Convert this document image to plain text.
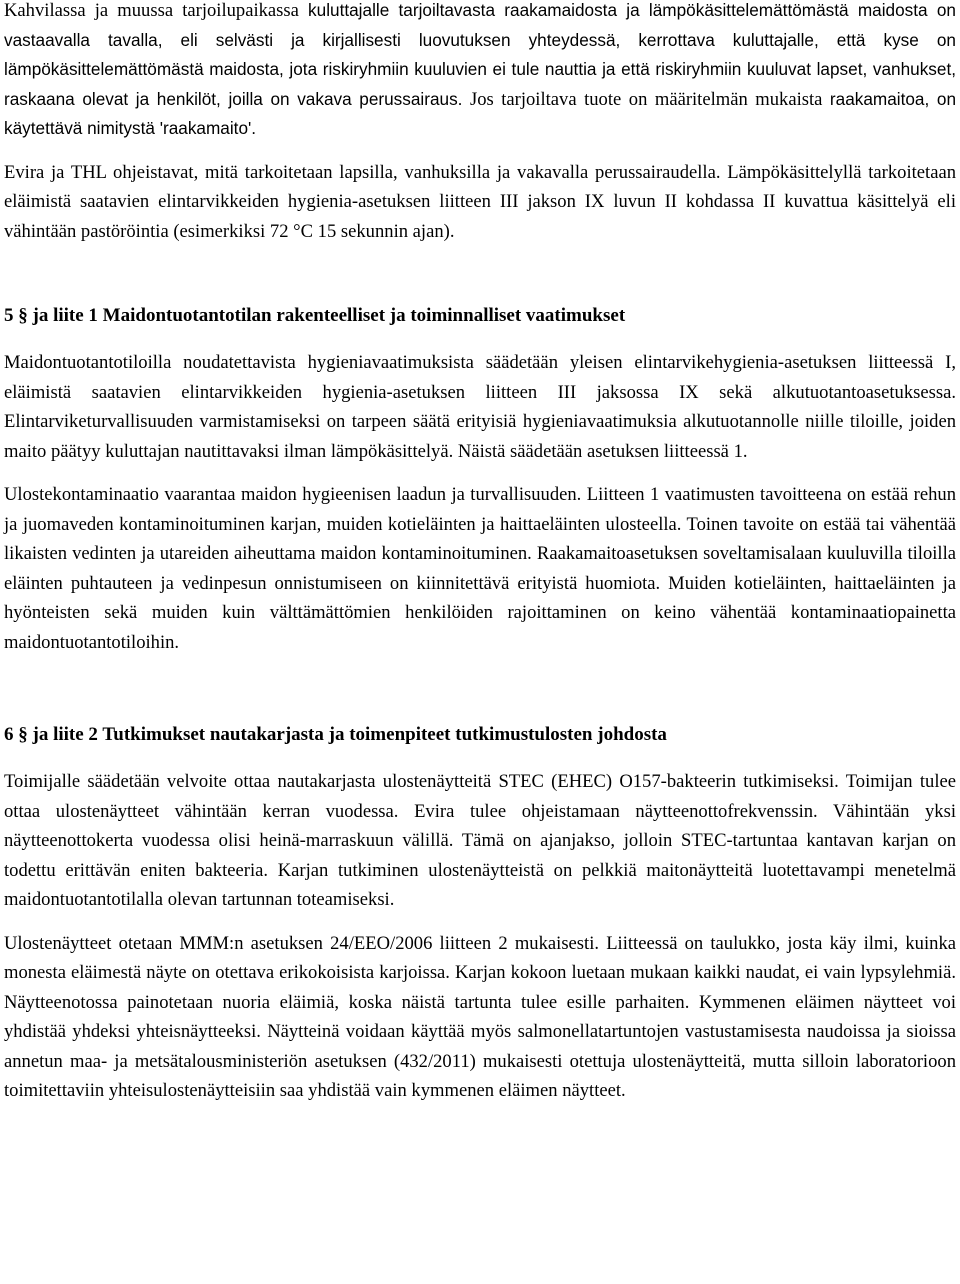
Kahvilassa ja muussa tarjoilupaikassa kuluttajalle tarjoiltavasta raakamaidosta ja lämpökäsittelemättömästä maidosta on vastaavalla tavalla, eli selvästi ja kirjallisesti luovutuksen yhteydessä, kerrottava kuluttajalle, että kyse on lämpökäsittelemättömästä maidosta, jota riskiryhmiin kuuluvien ei tule nauttia ja että riskiryhmiin kuuluvat lapset, vanhukset, raskaana olevat ja henkilöt, joilla on vakava perussairaus. Jos tarjoiltava tuote on määritelmän mukaista raakamaitoa, on käytettävä nimitystä 'raakamaito'.

Evira ja THL ohjeistavat, mitä tarkoitetaan lapsilla, vanhuksilla ja vakavalla perussairaudella. Lämpökäsittelyllä tarkoitetaan eläimistä saatavien elintarvikkeiden hygienia-asetuksen liitteen III jakson IX luvun II kohdassa II kuvattua käsittelyä eli vähintään pastöröintia (esimerkiksi 72 °C 15 sekunnin ajan).

5 § ja liite 1 Maidontuotantotilan rakenteelliset ja toiminnalliset vaatimukset

Maidontuotantotiloilla noudatettavista hygieniavaatimuksista säädetään yleisen elintarvikehygienia-asetuksen liitteessä I, eläimistä saatavien elintarvikkeiden hygienia-asetuksen liitteen III jaksossa IX sekä alkutuotantoasetuksessa. Elintarviketurvallisuuden varmistamiseksi on tarpeen säätä erityisiä hygieniavaatimuksia alkutuotannolle niille tiloille, joiden maito päätyy kuluttajan nautittavaksi ilman lämpökäsittelyä. Näistä säädetään asetuksen liitteessä 1.

Ulostekontaminaatio vaarantaa maidon hygieenisen laadun ja turvallisuuden. Liitteen 1 vaatimusten tavoitteena on estää rehun ja juomaveden kontaminoituminen karjan, muiden kotieläinten ja haittaeläinten ulosteella. Toinen tavoite on estää tai vähentää likaisten vedinten ja utareiden aiheuttama maidon kontaminoituminen. Raakamaitoasetuksen soveltamisalaan kuuluvilla tiloilla eläinten puhtauteen ja vedinpesun onnistumiseen on kiinnitettävä erityistä huomiota. Muiden kotieläinten, haittaeläinten ja hyönteisten sekä muiden kuin välttämättömien henkilöiden rajoittaminen on keino vähentää kontaminaatiopainetta maidontuotantotiloihin.

6 § ja liite 2 Tutkimukset nautakarjasta ja toimenpiteet tutkimustulosten johdosta

Toimijalle säädetään velvoite ottaa nautakarjasta ulostenäytteitä STEC (EHEC) O157-bakteerin tutkimiseksi. Toimijan tulee ottaa ulostenäytteet vähintään kerran vuodessa. Evira tulee ohjeistamaan näytteenottofrekvenssin. Vähintään yksi näytteenottokerta vuodessa olisi heinä-marraskuun välillä. Tämä on ajanjakso, jolloin STEC-tartuntaa kantavan karjan on todettu erittävän eniten bakteeria. Karjan tutkiminen ulostenäytteistä on pelkkiä maitonäytteitä luotettavampi menetelmä maidontuotantotilalla olevan tartunnan toteamiseksi.

Ulostenäytteet otetaan MMM:n asetuksen 24/EEO/2006 liitteen 2 mukaisesti. Liitteessä on taulukko, josta käy ilmi, kuinka monesta eläimestä näyte on otettava erikokoisista karjoissa. Karjan kokoon luetaan mukaan kaikki naudat, ei vain lypsylehmiä. Näytteenotossa painotetaan nuoria eläimiä, koska näistä tartunta tulee esille parhaiten. Kymmenen eläimen näytteet voi yhdistää yhdeksi yhteisnäytteeksi. Näytteinä voidaan käyttää myös salmonellatartuntojen vastustamisesta naudoissa ja sioissa annetun maa- ja metsätalousministeriön asetuksen (432/2011) mukaisesti otettuja ulostenäytteitä, mutta silloin laboratorioon toimitettaviin yhteisulostenäytteisiin saa yhdistää vain kymmenen eläimen näytteet.
